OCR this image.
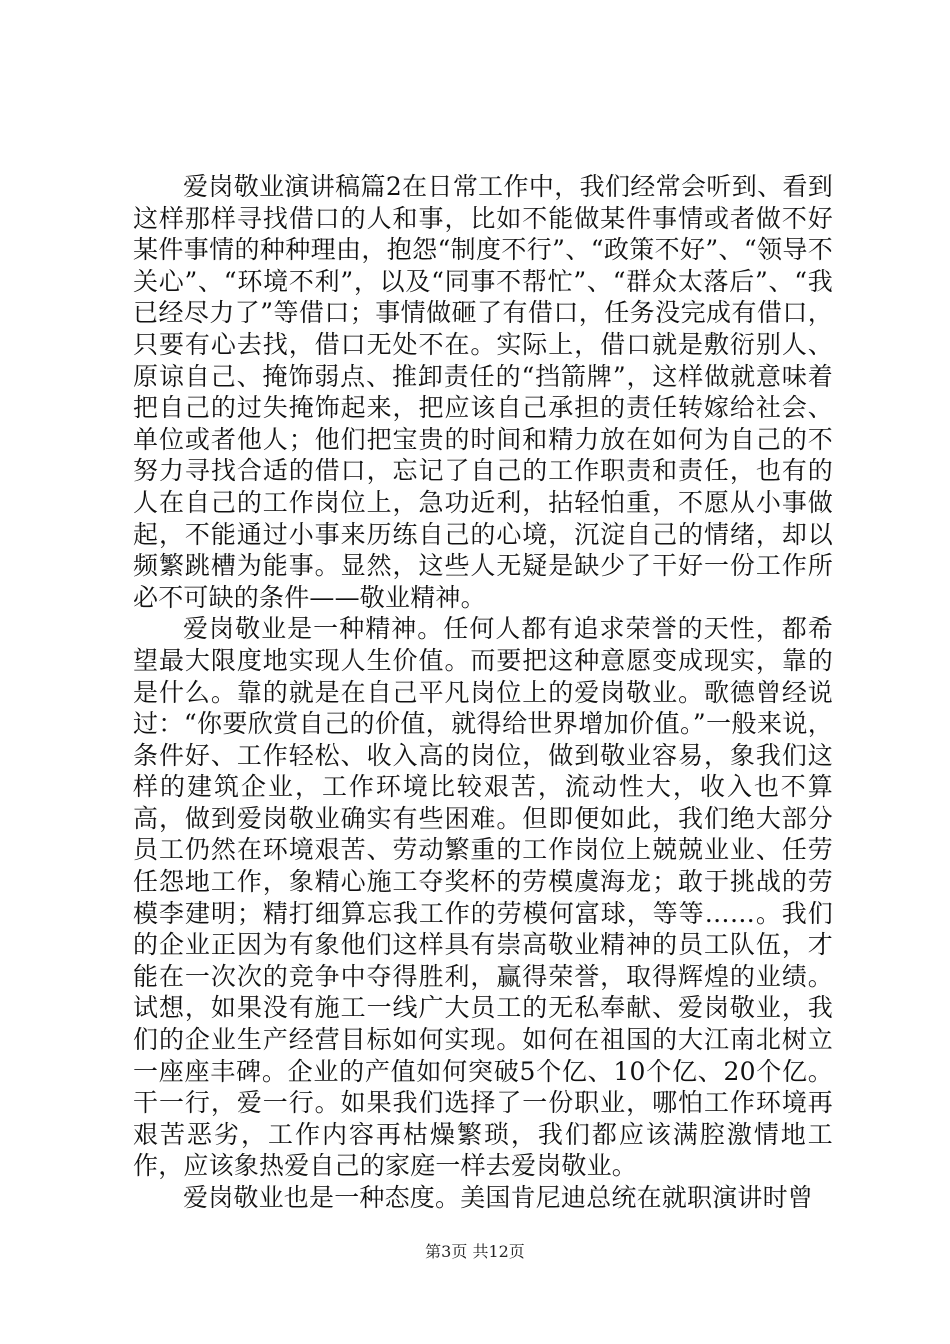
爱岗敬业演讲稿篇2在日常工作中，我们经常会听到、看到这样那样寻找借口的人和事，比如不能做某件事情或者做不好某件事情的种种理由，抱怨“制度不行”、“政策不好”、“领导不关心”、“环境不利”，以及“同事不帮忙”、“群众太落后”、“我已经尽力了”等借口；事情做砸了有借口，任务没完成有借口，只要有心去找，借口无处不在。实际上，借口就是敷衍别人、原谅自己、掩饰弱点、推卸责任的“挡箭牌”，这样做就意味着把自己的过失掩饰起来，把应该自己承担的责任转嫁给社会、单位或者他人；他们把宝贵的时间和精力放在如何为自己的不努力寻找合适的借口，忘记了自己的工作职责和责任，也有的人在自己的工作岗位上，急功近利，拈轻怕重，不愿从小事做起，不能通过小事来历练自己的心境，沉淀自己的情绪，却以频繁跳槽为能事。显然，这些人无疑是缺少了干好一份工作所必不可缺的条件——敬业精神。

爱岗敬业是一种精神。任何人都有追求荣誉的天性，都希望最大限度地实现人生价值。而要把这种意愿变成现实，靠的是什么。靠的就是在自己平凡岗位上的爱岗敬业。歌德曾经说过：“你要欣赏自己的价值，就得给世界增加价值。”一般来说，条件好、工作轻松、收入高的岗位，做到敬业容易，象我们这样的建筑企业，工作环境比较艰苦，流动性大，收入也不算高，做到爱岗敬业确实有些困难。但即便如此，我们绝大部分员工仍然在环境艰苦、劳动繁重的工作岗位上兢兢业业、任劳任怨地工作，象精心施工夺奖杯的劳模虞海龙；敢于挑战的劳模李建明；精打细算忘我工作的劳模何富球，等等……。我们的企业正因为有象他们这样具有崇高敬业精神的员工队伍，才能在一次次的竞争中夺得胜利，赢得荣誉，取得辉煌的业绩。试想，如果没有施工一线广大员工的无私奉献、爱岗敬业，我们的企业生产经营目标如何实现。如何在祖国的大江南北树立一座座丰碑。企业的产值如何突破5个亿、10个亿、20个亿。干一行，爱一行。如果我们选择了一份职业，哪怕工作环境再艰苦恶劣，工作内容再枯燥繁琐，我们都应该满腔激情地工作，应该象热爱自己的家庭一样去爱岗敬业。

爱岗敬业也是一种态度。美国肯尼迪总统在就职演讲时曾

第3页 共12页
